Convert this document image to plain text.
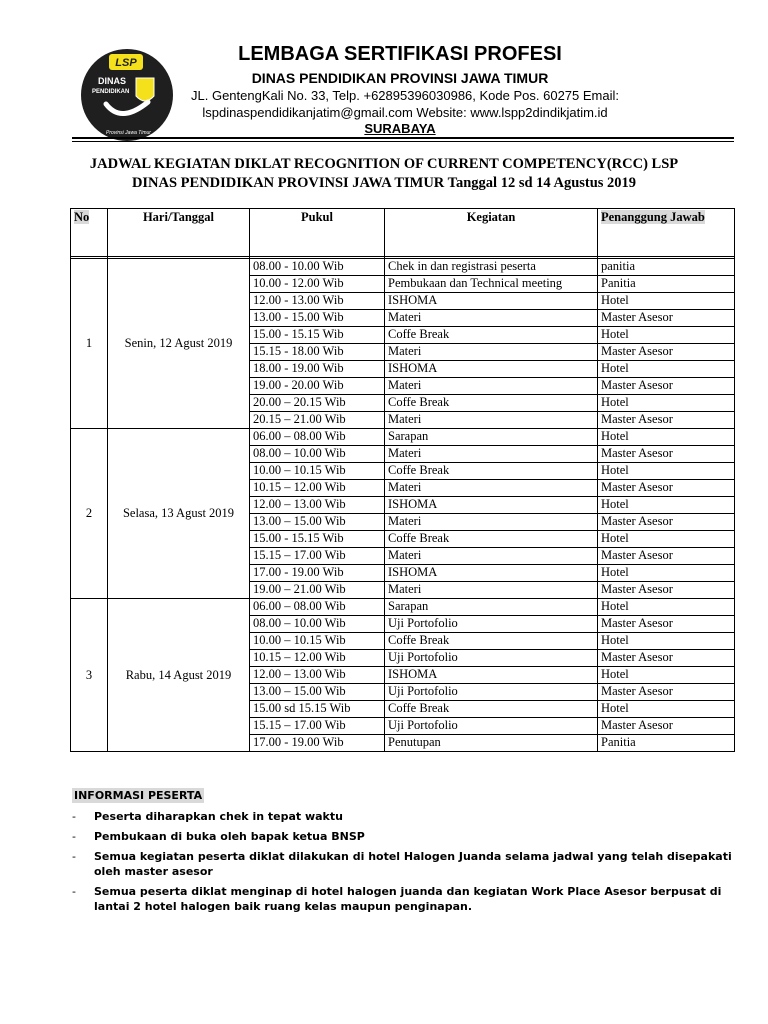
LSP
DINAS
PENDIDIKAN
Provinsi Jawa Timur
LEMBAGA SERTIFIKASI PROFESI
DINAS PENDIDIKAN PROVINSI JAWA TIMUR
JL. GentengKali No. 33, Telp. +62895396030986, Kode Pos. 60275 Email:
lspdinaspendidikanjatim@gmail.com Website: www.lspp2dindikjatim.id
SURABAYA
JADWAL KEGIATAN DIKLAT RECOGNITION OF CURRENT COMPETENCY(RCC) LSP
DINAS PENDIDIKAN PROVINSI JAWA TIMUR Tanggal 12 sd 14 Agustus 2019
No	Hari/Tanggal	Pukul	Kegiatan	Penanggung Jawab

1	Senin, 12 Agust 2019	08.00 - 10.00 Wib	Chek in dan registrasi peserta	panitia
		10.00 - 12.00 Wib	Pembukaan dan Technical meeting	Panitia
		12.00 - 13.00 Wib	ISHOMA	Hotel
		13.00 - 15.00 Wib	Materi	Master Asesor
		15.00 - 15.15 Wib	Coffe Break	Hotel
		15.15 - 18.00 Wib	Materi	Master Asesor
		18.00 - 19.00 Wib	ISHOMA	Hotel
		19.00 - 20.00 Wib	Materi	Master Asesor
		20.00 – 20.15 Wib	Coffe Break	Hotel
		20.15 – 21.00 Wib	Materi	Master Asesor
2	Selasa, 13 Agust 2019	06.00 – 08.00 Wib	Sarapan	Hotel
		08.00 – 10.00 Wib	Materi	Master Asesor
		10.00 – 10.15 Wib	Coffe Break	Hotel
		10.15 – 12.00 Wib	Materi	Master Asesor
		12.00 – 13.00 Wib	ISHOMA	Hotel
		13.00 – 15.00 Wib	Materi	Master Asesor
		15.00 - 15.15 Wib	Coffe Break	Hotel
		15.15 – 17.00 Wib	Materi	Master Asesor
		17.00 - 19.00 Wib	ISHOMA	Hotel
		19.00 – 21.00 Wib	Materi	Master Asesor
3	Rabu, 14 Agust 2019	06.00 – 08.00 Wib	Sarapan	Hotel
		08.00 – 10.00 Wib	Uji Portofolio	Master Asesor
		10.00 – 10.15 Wib	Coffe Break	Hotel
		10.15 – 12.00 Wib	Uji Portofolio	Master Asesor
		12.00 – 13.00 Wib	ISHOMA	Hotel
		13.00 – 15.00 Wib	Uji Portofolio	Master Asesor
		15.00 sd 15.15 Wib	Coffe Break	Hotel
		15.15 – 17.00 Wib	Uji Portofolio	Master Asesor
		17.00 - 19.00 Wib	Penutupan	Panitia
INFORMASI PESERTA
- Peserta diharapkan chek in tepat waktu
- Pembukaan di buka oleh bapak ketua BNSP
- Semua kegiatan peserta diklat dilakukan di hotel Halogen Juanda selama jadwal yang telah disepakati oleh master asesor
- Semua peserta diklat menginap di hotel halogen juanda dan kegiatan Work Place Asesor berpusat di lantai 2 hotel halogen baik ruang kelas maupun penginapan.
